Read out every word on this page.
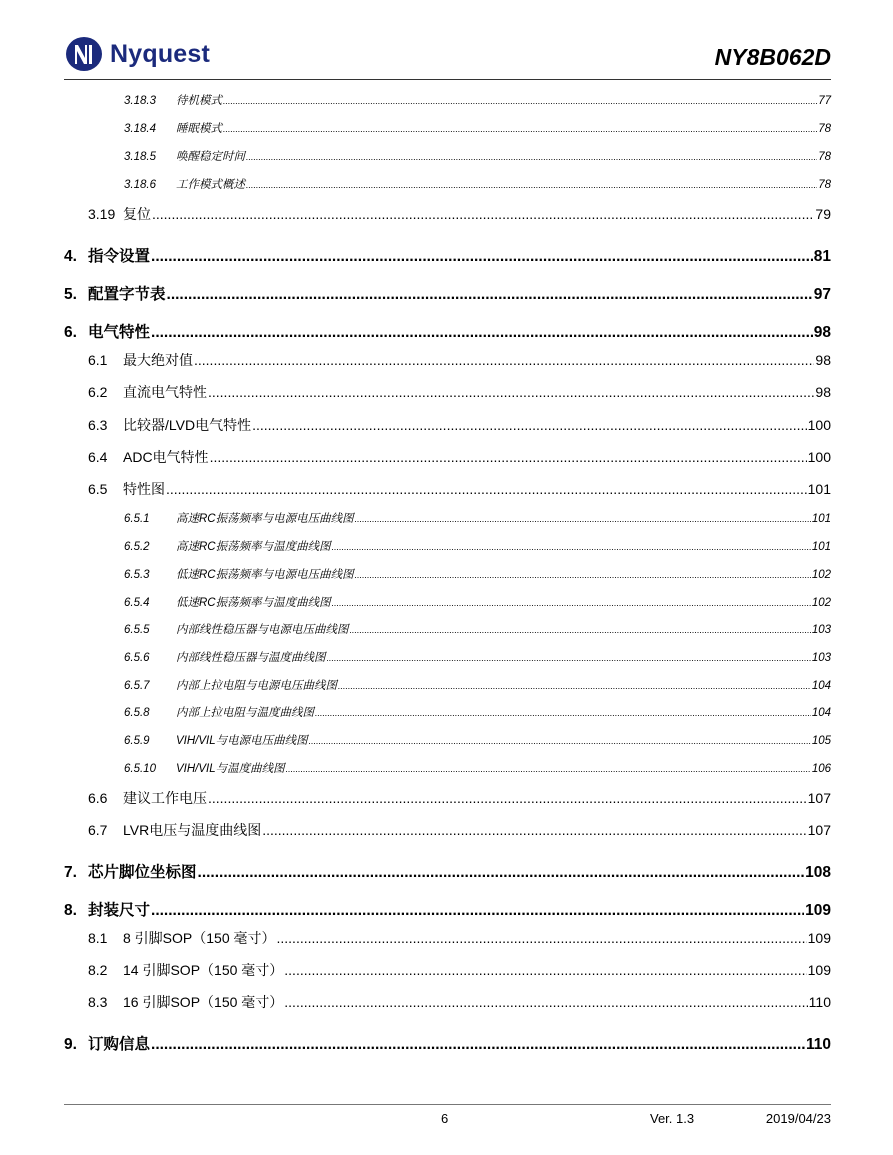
Nyquest	NY8B062D
3.18.3	待机模式 .....	77
3.18.4	睡眠模式 .....	78
3.18.5	唤醒稳定时间 .....	78
3.18.6	工作模式概述 .....	78
3.19 复位 .....	79
4. 指令设置 .....	81
5. 配置字节表 .....	97
6. 电气特性 .....	98
6.1	最大绝对值 .....	98
6.2	直流电气特性 .....	98
6.3	比较器/LVD电气特性 .....	100
6.4	ADC电气特性 .....	100
6.5	特性图 .....	101
6.5.1	高速RC振荡频率与电源电压曲线图 .....	101
6.5.2	高速RC振荡频率与温度曲线图 .....	101
6.5.3	低速RC振荡频率与电源电压曲线图 .....	102
6.5.4	低速RC振荡频率与温度曲线图 .....	102
6.5.5	内部线性稳压器与电源电压曲线图 .....	103
6.5.6	内部线性稳压器与温度曲线图 .....	103
6.5.7	内部上拉电阻与电源电压曲线图 .....	104
6.5.8	内部上拉电阻与温度曲线图 .....	104
6.5.9	VIH/VIL与电源电压曲线图 .....	105
6.5.10	VIH/VIL与温度曲线图 .....	106
6.6	建议工作电压 .....	107
6.7	LVR电压与温度曲线图 .....	107
7. 芯片脚位坐标图 .....	108
8. 封装尺寸 .....	109
8.1	8 引脚SOP（150 毫寸） .....	109
8.2	14 引脚SOP（150 毫寸） .....	109
8.3	16 引脚SOP（150 毫寸） .....	110
9. 订购信息 .....	110
6	Ver. 1.3	2019/04/23
